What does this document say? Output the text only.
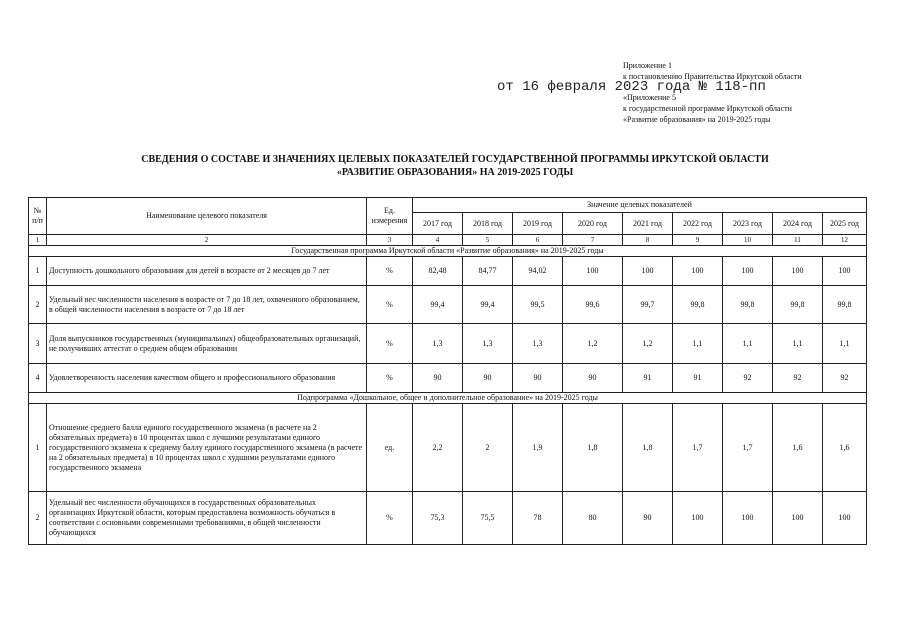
Приложение 1
к постановлению Правительства Иркутской области
«Приложение 5
к государственной программе Иркутской области
«Развитие образования» на 2019-2025 годы
от 16 февраля 2023 года № 118-пп
СВЕДЕНИЯ О СОСТАВЕ И ЗНАЧЕНИЯХ ЦЕЛЕВЫХ ПОКАЗАТЕЛЕЙ ГОСУДАРСТВЕННОЙ ПРОГРАММЫ ИРКУТСКОЙ ОБЛАСТИ
«РАЗВИТИЕ ОБРАЗОВАНИЯ» НА 2019-2025 ГОДЫ
№ п/п	Наименование целевого показателя	Ед. измерения	Значение целевых показателей								
			2017 год	2018 год	2019 год	2020 год	2021 год	2022 год	2023 год	2024 год	2025 год
1	2	3	4	5	6	7	8	9	10	11	12
Государственная программа Иркутской области «Развитие образования» на 2019-2025 годы											
1	Доступность дошкольного образования для детей в возрасте от 2 месяцев до 7 лет	%	82,48	84,77	94,02	100	100	100	100	100	100
2	Удельный вес численности населения в возрасте от 7 до 18 лет, охваченного образованием, в общей численности населения в возрасте от 7 до 18 лет	%	99,4	99,4	99,5	99,6	99,7	99,8	99,8	99,8	99,8
3	Доля выпускников государственных (муниципальных) общеобразовательных организаций, не получивших аттестат о среднем общем образовании	%	1,3	1,3	1,3	1,2	1,2	1,1	1,1	1,1	1,1
4	Удовлетворенность населения качеством общего и профессионального образования	%	90	90	90	90	91	91	92	92	92
Подпрограмма «Дошкольное, общее и дополнительное образование» на 2019-2025 годы											
1	Отношение среднего балла единого государственного экзамена (в расчете на 2 обязательных предмета) в 10 процентах школ с лучшими результатами единого государственного экзамена к среднему баллу единого государственного экзамена (в расчете на 2 обязательных предмета) в 10 процентах школ с худшими результатами единого государственного экзамена	ед.	2,2	2	1,9	1,8	1,8	1,7	1,7	1,6	1,6
2	Удельный вес численности обучающихся в государственных образовательных организациях Иркутской области, которым предоставлена возможность обучаться в соответствии с основными современными требованиями, в общей численности обучающихся	%	75,3	75,5	78	80	90	100	100	100	100
